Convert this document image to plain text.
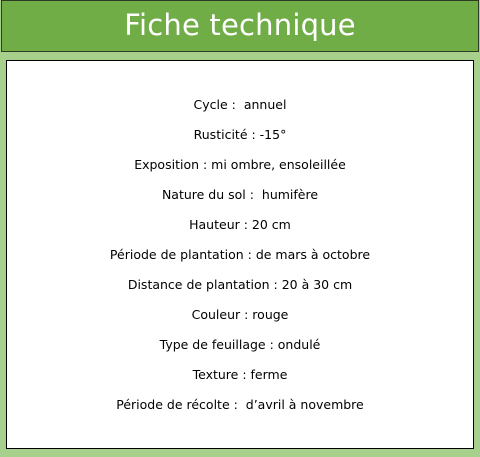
Fiche technique
Cycle :  annuel
Rusticité : -15°
Exposition : mi ombre, ensoleillée
Nature du sol :  humifère
Hauteur : 20 cm
Période de plantation : de mars à octobre
Distance de plantation : 20 à 30 cm
Couleur : rouge
Type de feuillage : ondulé
Texture : ferme
Période de récolte :  d’avril à novembre
